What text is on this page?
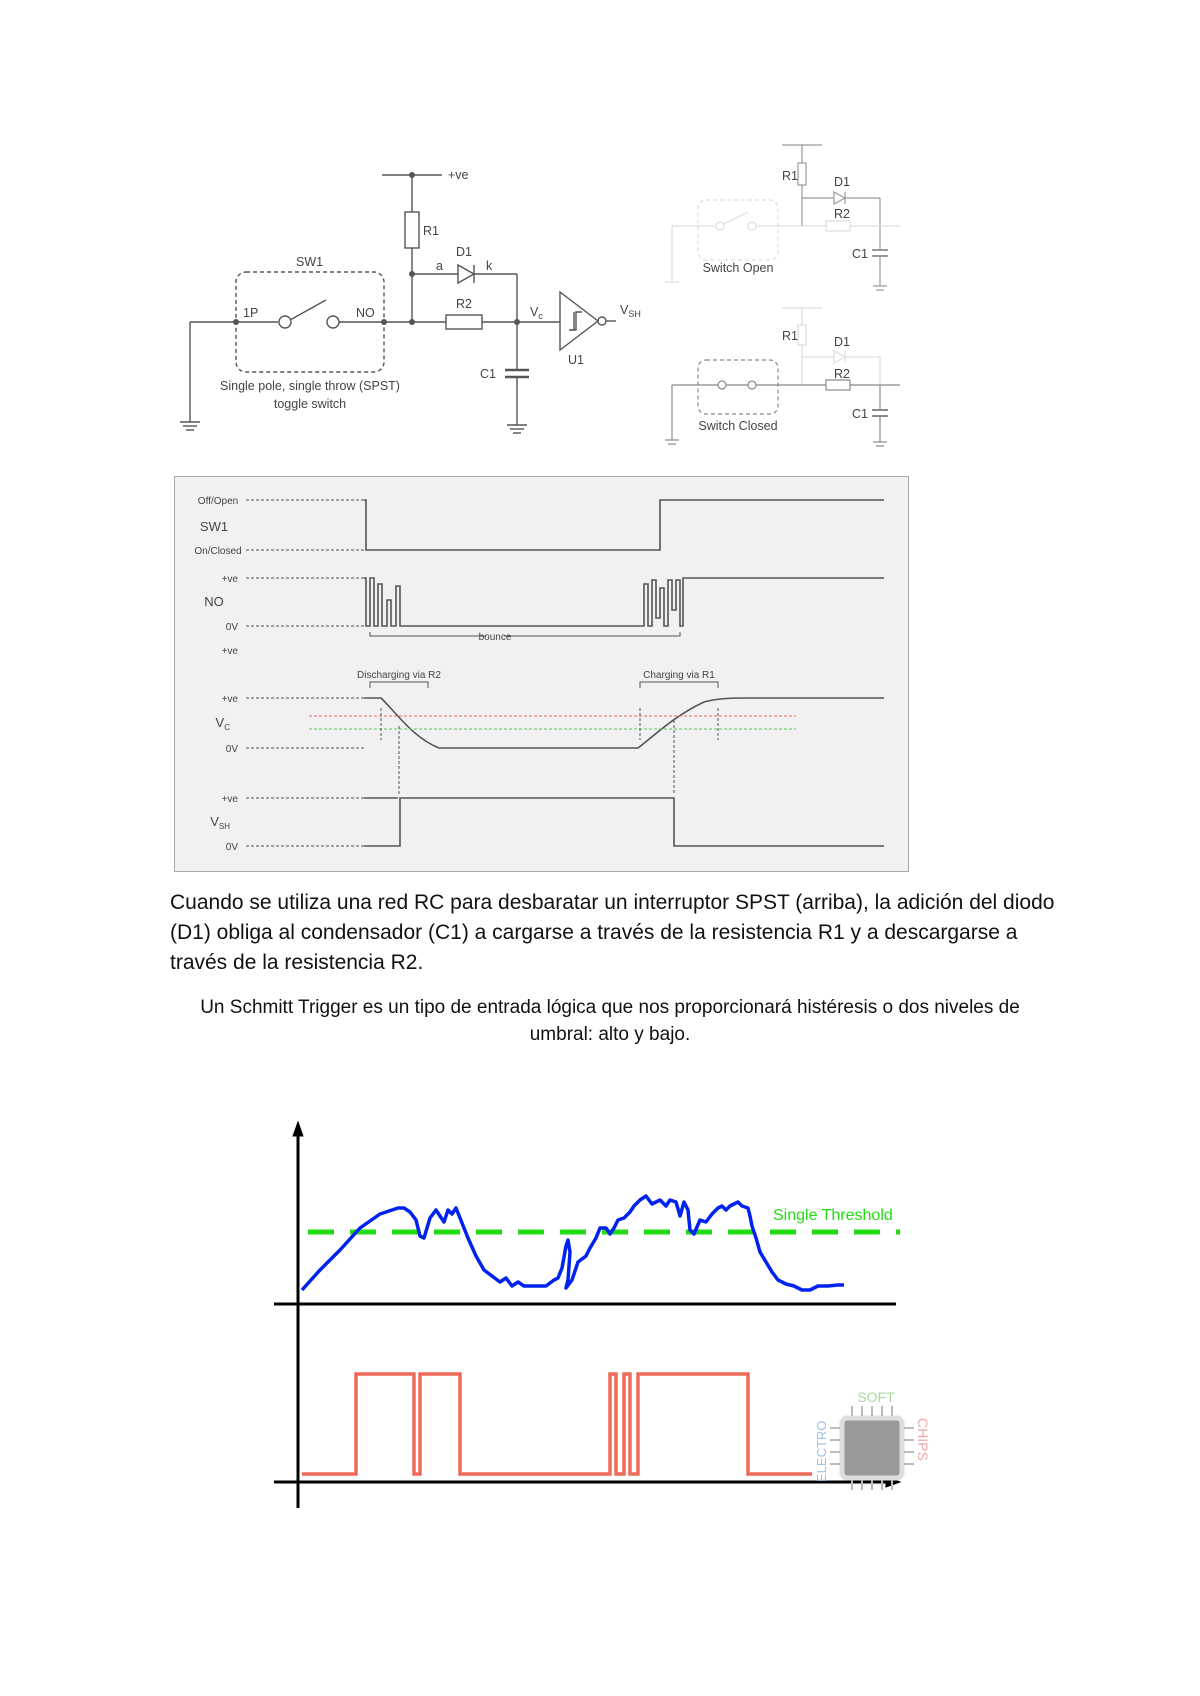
+ve
R1
D1
a	k
R2
C1
$V_c$	$V_{SH}$
U1
SW1
1P	NO
Single pole, single throw (SPST)
toggle switch
R1	D1
R2
C1
Switch Open
R1	D1
R2
C1
Switch Closed
Off/Open
SW1
On/Closed
+ve
NO
0V
+ve
bounce
Discharging via R2	Charging via R1
+ve
$V_C$
0V
+ve
$V_{SH}$
0V
Cuando se utiliza una red RC para desbaratar un interruptor SPST (arriba), la adición del diodo (D1) obliga al condensador (C1) a cargarse a través de la resistencia R1 y a descargarse a través de la resistencia R2.
Un Schmitt Trigger es un tipo de entrada lógica que nos proporcionará histéresis o dos niveles de umbral: alto y bajo.
Single Threshold
SOFT
ELECTRO	CHIPS
